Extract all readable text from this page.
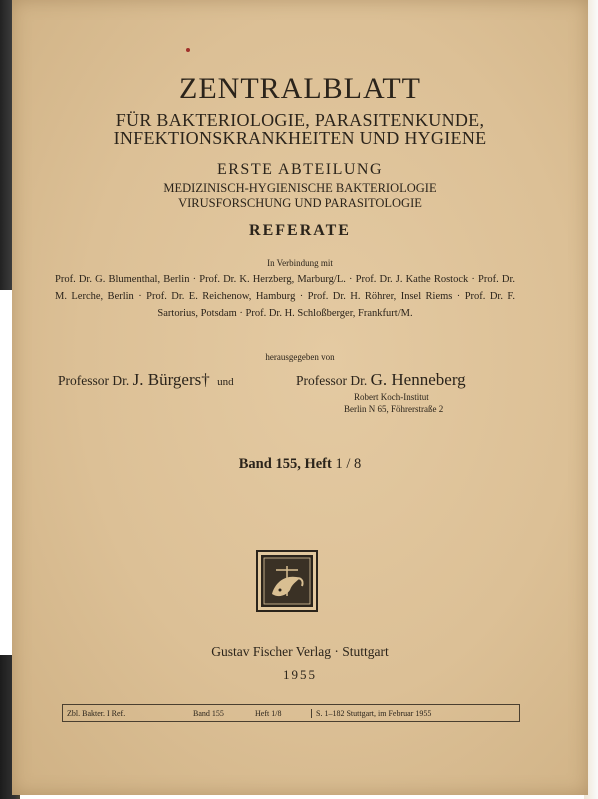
ZENTRALBLATT
FÜR BAKTERIOLOGIE, PARASITENKUNDE,
INFEKTIONSKRANKHEITEN UND HYGIENE
ERSTE ABTEILUNG
MEDIZINISCH-HYGIENISCHE BAKTERIOLOGIE
VIRUSFORSCHUNG UND PARASITOLOGIE
REFERATE
In Verbindung mit
Prof. Dr. G. Blumenthal, Berlin · Prof. Dr. K. Herzberg, Marburg/L. · Prof. Dr. J. Kathe Rostock · Prof. Dr. M. Lerche, Berlin · Prof. Dr. E. Reichenow, Hamburg · Prof. Dr. H. Röhrer, Insel Riems · Prof. Dr. F. Sartorius, Potsdam · Prof. Dr. H. Schloßberger, Frankfurt/M.
herausgegeben von
Professor Dr. J. Bürgers† und	Professor Dr. G. Henneberg
Robert Koch-Institut
Berlin N 65, Föhrerstraße 2
Band 155, Heft 1 / 8
Gustav Fischer Verlag · Stuttgart
1955
Zbl. Bakter. I Ref.	Band 155	Heft 1/8	S. 1–182 Stuttgart, im Februar 1955
